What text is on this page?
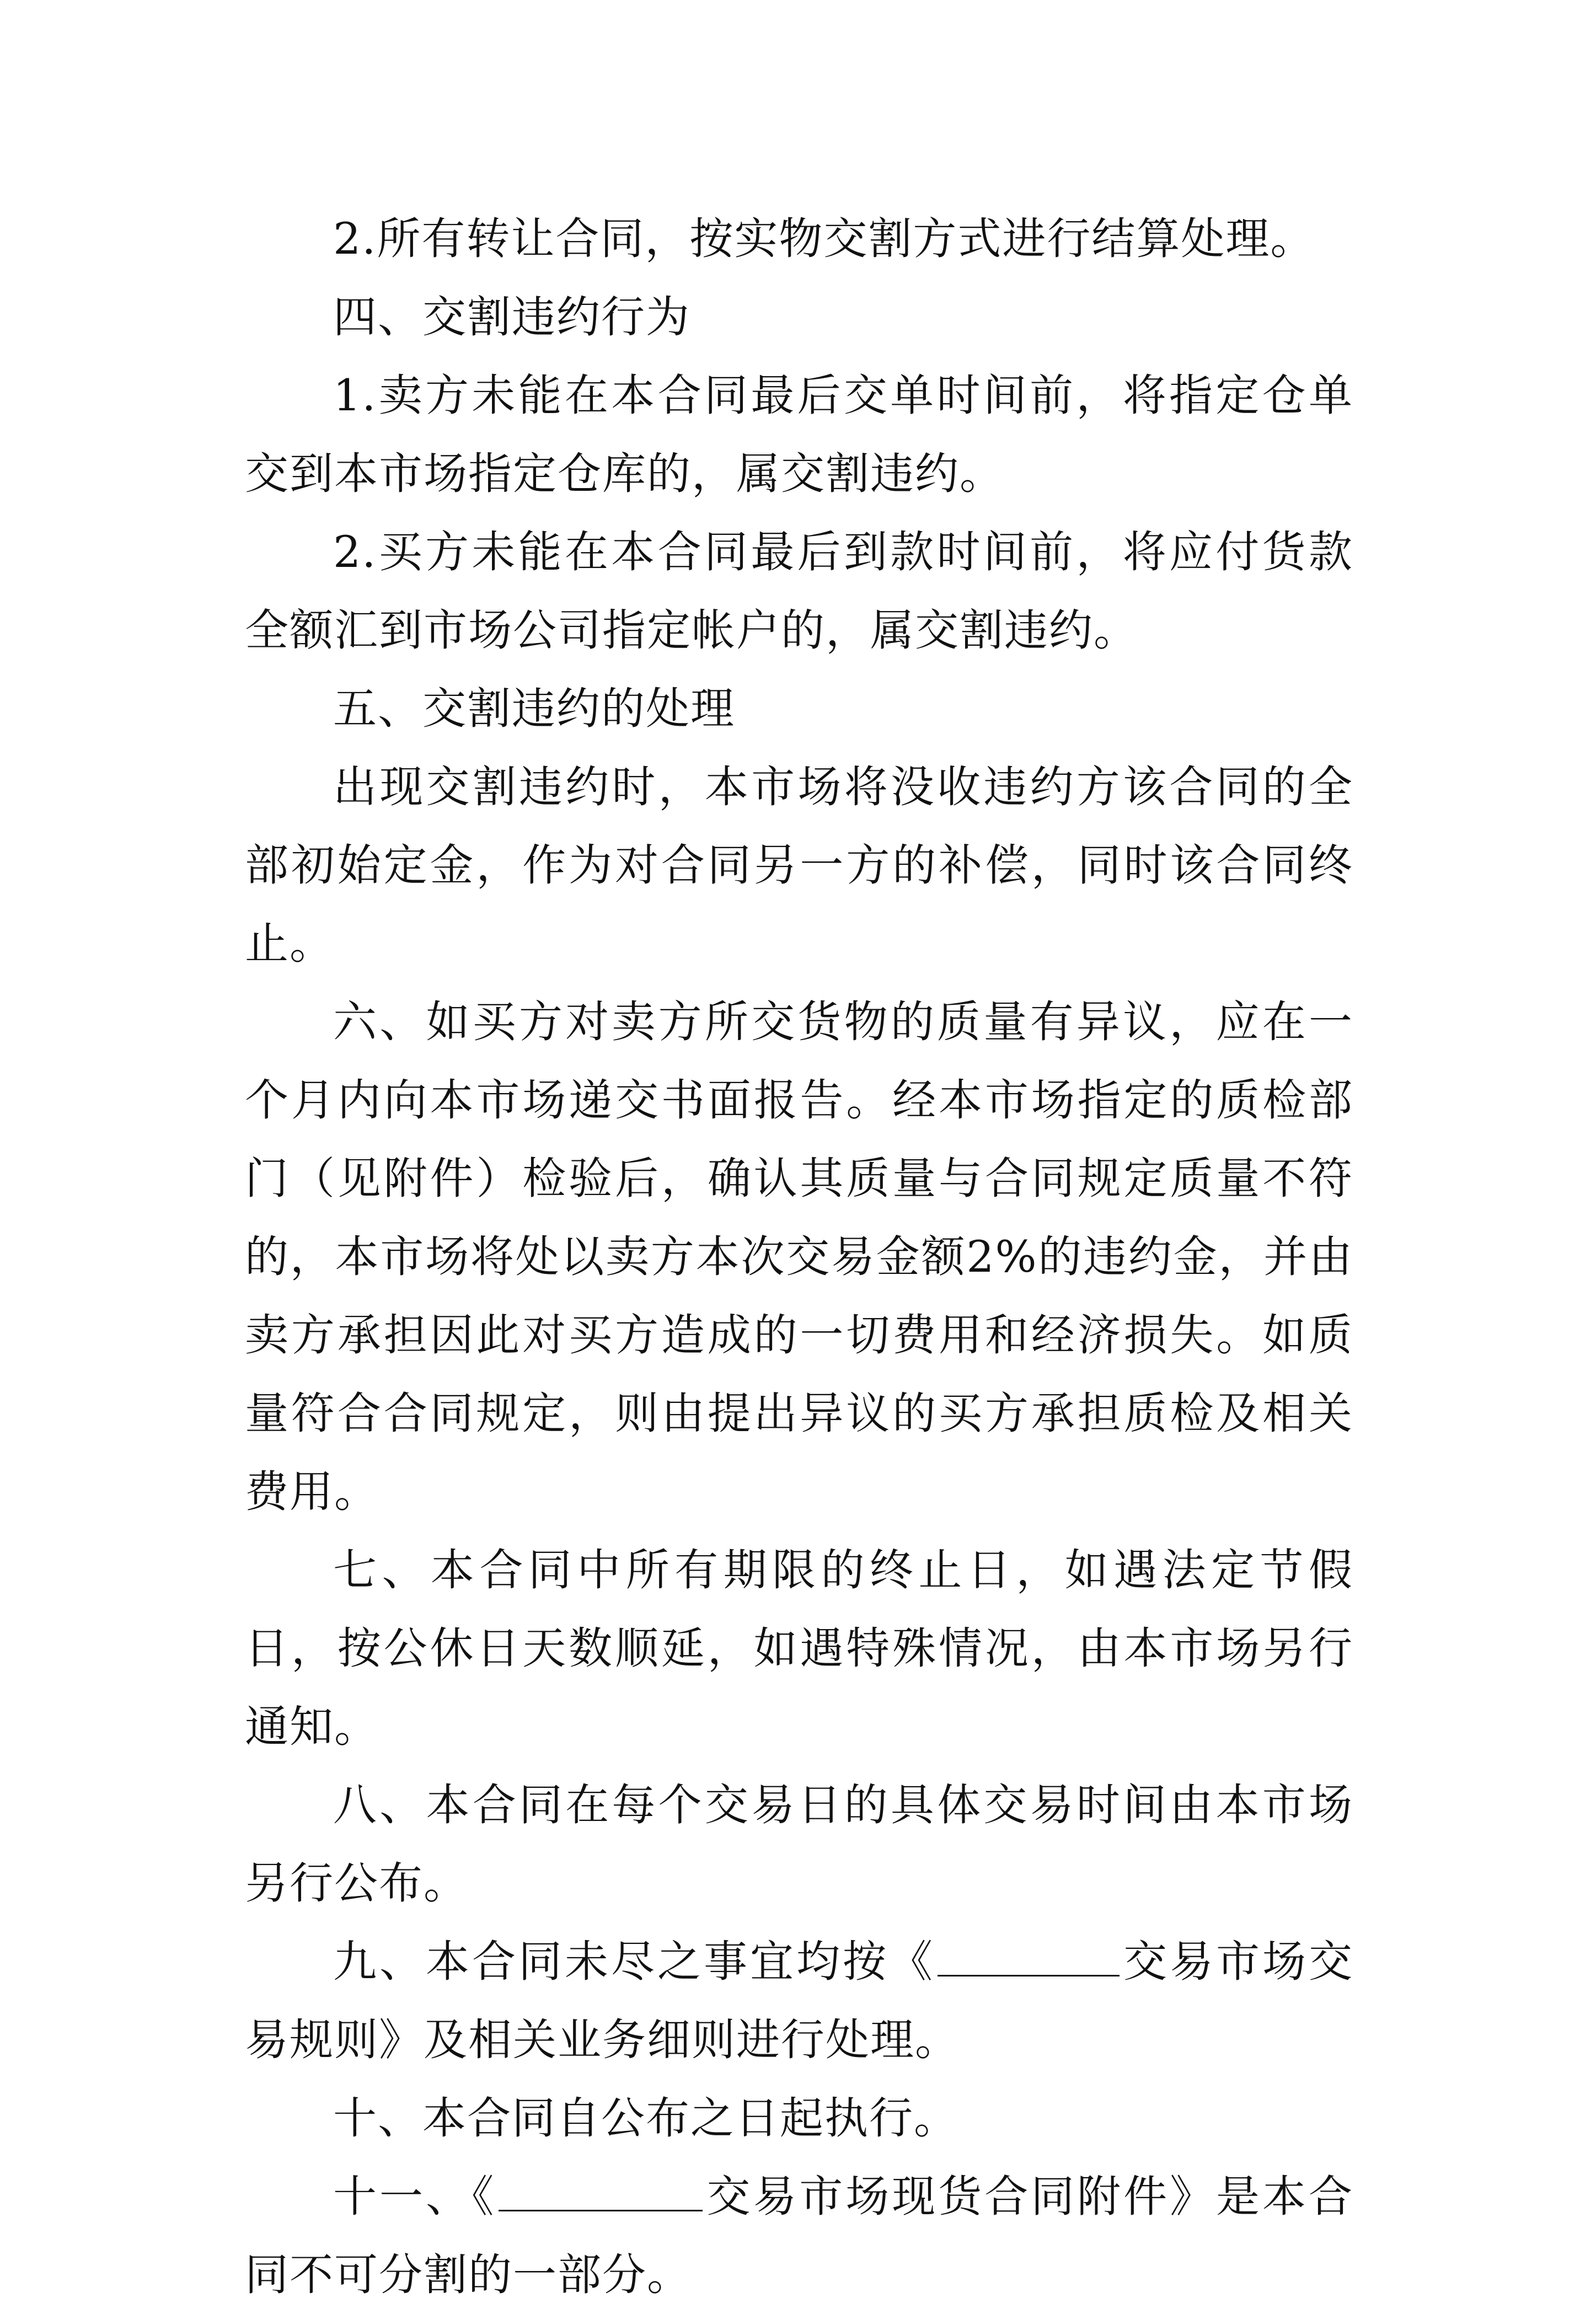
2.所有转让合同，按实物交割方式进行结算处理。

四、交割违约行为

1.卖方未能在本合同最后交单时间前，将指定仓单交到本市场指定仓库的，属交割违约。

2.买方未能在本合同最后到款时间前，将应付货款全额汇到市场公司指定帐户的，属交割违约。

五、交割违约的处理

出现交割违约时，本市场将没收违约方该合同的全部初始定金，作为对合同另一方的补偿，同时该合同终止。

六、如买方对卖方所交货物的质量有异议，应在一个月内向本市场递交书面报告。经本市场指定的质检部门（见附件）检验后，确认其质量与合同规定质量不符的，本市场将处以卖方本次交易金额2%的违约金，并由卖方承担因此对买方造成的一切费用和经济损失。如质量符合合同规定，则由提出异议的买方承担质检及相关费用。

七、本合同中所有期限的终止日，如遇法定节假日，按公休日天数顺延，如遇特殊情况，由本市场另行通知。

八、本合同在每个交易日的具体交易时间由本市场另行公布。

九、本合同未尽之事宜均按《	交易市场交易规则》及相关业务细则进行处理。

十、本合同自公布之日起执行。

十一、《	交易市场现货合同附件》是本合同不可分割的一部分。
